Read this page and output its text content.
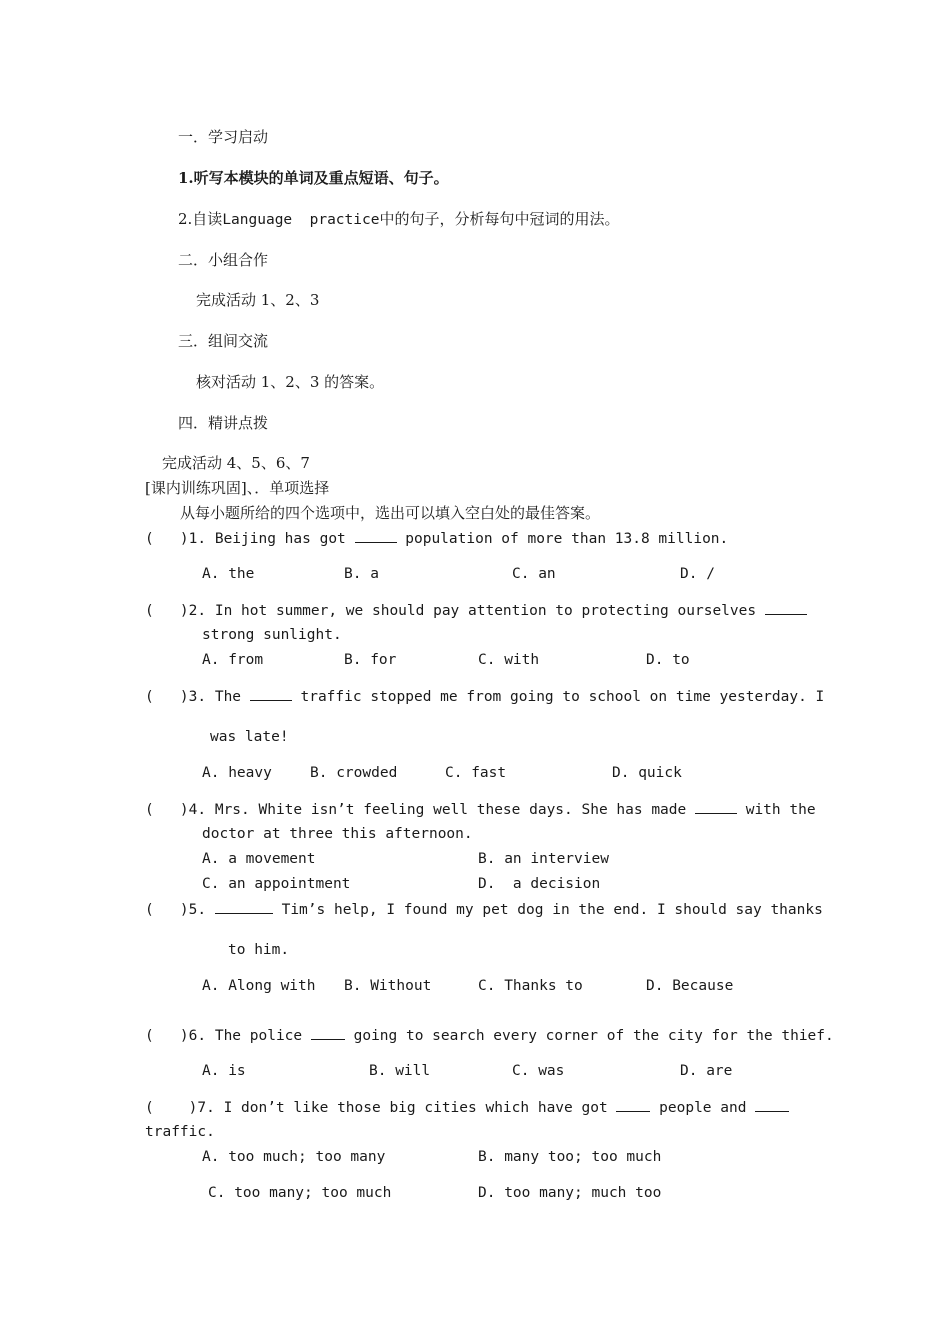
一．学习启动
1.听写本模块的单词及重点短语、句子。
2.自读Language  practice中的句子，分析每句中冠词的用法。
二．小组合作
完成活动 1、2、3
三．组间交流
核对活动 1、2、3 的答案。
四．精讲点拨
完成活动 4、5、6、7
[课内训练巩固]、．单项选择
从每小题所给的四个选项中，选出可以填入空白处的最佳答案。
(   )1. Beijing has got	population of more than 13.8 million.
A. the	B. a	C. an	D. /
(   )2. In hot summer, we should pay attention to protecting ourselves
strong sunlight.
A. from	B. for	C. with	D. to
(   )3. The	traffic stopped me from going to school on time yesterday. I
was late!
A. heavy	B. crowded	C. fast	D. quick
(   )4. Mrs. White isn’t feeling well these days. She has made	with the
doctor at three this afternoon.
A. a movement	B. an interview
C. an appointment	D.  a decision
(   )5.	Tim’s help, I found my pet dog in the end. I should say thanks
to him.
A. Along with B. Without	C. Thanks to	D. Because
(   )6. The police  going to search every corner of the city for the thief.
A. is	B. will	C. was	D. are
(    )7. I don’t like those big cities which have got  people and
traffic.
A. too much; too many	B. many too; too much
C. too many; too much	D. too many; much too
